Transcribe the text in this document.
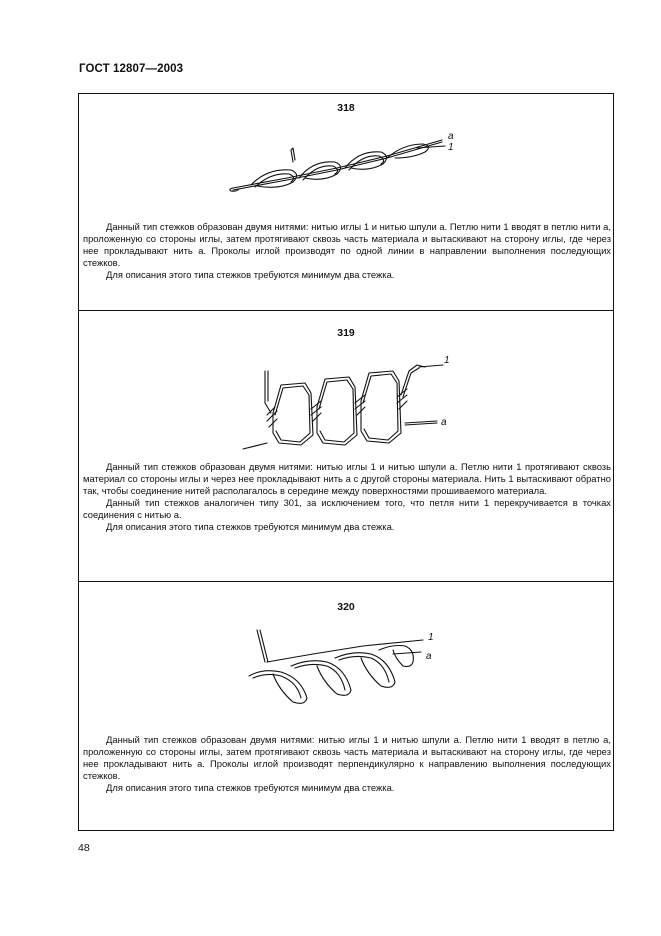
ГОСТ 12807—2003
318
a
1

Данный тип стежков образован двумя нитями: нитью иглы 1 и нитью шпули a. Петлю нити 1 вводят в петлю нити a, проложенную со стороны иглы, затем протягивают сквозь часть материала и вытаскивают на сторону иглы, где через нее прокладывают нить a. Проколы иглой производят по одной линии в направлении выполнения последующих стежков.

Для описания этого типа стежков требуются минимум два стежка.

319
1
a

Данный тип стежков образован двумя нитями: нитью иглы 1 и нитью шпули a. Петлю нити 1 протягивают сквозь материал со стороны иглы и через нее прокладывают нить a с другой стороны материала. Нить 1 вытаскивают обратно так, чтобы соединение нитей располагалось в середине между поверхностями прошиваемого материала.

Данный тип стежков аналогичен типу 301, за исключением того, что петля нити 1 перекручивается в точках соединения с нитью a.

Для описания этого типа стежков требуются минимум два стежка.

320
1
a

Данный тип стежков образован двумя нитями: нитью иглы 1 и нитью шпули a. Петлю нити 1 вводят в петлю a, проложенную со стороны иглы, затем протягивают сквозь часть материала и вытаскивают на сторону иглы, где через нее прокладывают нить a. Проколы иглой производят перпендикулярно к направлению выполнения последующих стежков.

Для описания этого типа стежков требуются минимум два стежка.

48
